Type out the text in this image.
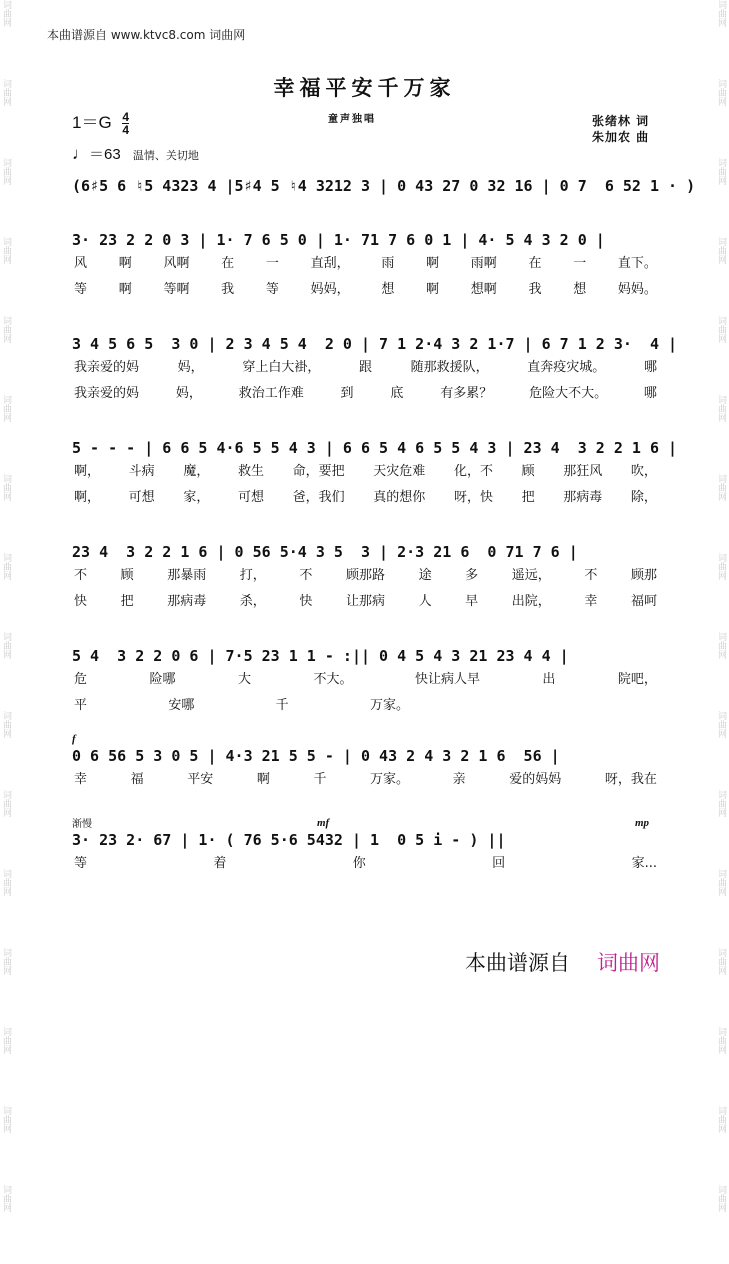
词曲网
词曲网
词曲网
词曲网
词曲网
词曲网
词曲网
词曲网
词曲网
词曲网
词曲网
词曲网
词曲网
词曲网
词曲网
词曲网
词曲网
词曲网
词曲网
词曲网
词曲网
词曲网
词曲网
词曲网
词曲网
词曲网
词曲网
词曲网
词曲网
词曲网
词曲网
词曲网
本曲谱源自 www.ktvc8.com 词曲网
幸福平安千万家
$1=G \frac{4}{4}$	童声独唱	张绪林 词
朱加农 曲
♩＝63 温情、关切地
(6♯5 6 ♮5 4323 4 |5♯4 5 ♮4 3212 3 | 0 43 27 0 32 16 | 0 7  6 52 1 · )
3· 23 2 2 0 3 | 1· 7 6 5 0 | 1· 71 7 6 0 1 | 4· 5 4 3 2 0 |
风 啊 风啊 在 一 直刮， 雨 啊 雨啊 在 一 直下。
等 啊 等啊 我 等 妈妈， 想 啊 想啊 我 想 妈妈。
3 4 5 6 5  3 0 | 2 3 4 5 4  2 0 | 7 1 2·4 3 2 1·7 | 6 7 1 2 3·  4 |
我亲爱的妈	妈，	穿上白大褂，	跟	随那救援队，	直奔疫灾城。	哪
我亲爱的妈	妈，	救治工作难	到	底	有多累？	危险大不大。	哪
5 - - - | 6 6 5 4·6 5 5 4 3 | 6 6 5 4 6 5 5 4 3 | 23 4  3 2 2 1 6 |
啊， 斗病 魔， 救生 命，要把 天灾危难 化，不 顾 那狂风 吹，
啊， 可想 家， 可想 爸，我们 真的想你 呀，快 把 那病毒 除，
23 4  3 2 2 1 6 | 0 56 5·4 3 5  3 | 2·3 21 6  0 71 7 6 |
不	顾	那暴雨	打，	不	顾那路	途	多	遥远，	不	顾那
快	把	那病毒	杀，	快	让那病	人	早	出院，	幸	福呵
5 4  3 2 2 0 6 | 7·5 23 1 1 - :|| 0 4 5 4 3 21 23 4 4 |
危	险哪	大	不大。	快让病人早	出	院吧，
平	安哪	千	万家。

f
0 6 56 5 3 0 5 | 4·3 21 5 5 - | 0 43 2 4 3 2 1 6  56 |
幸	福	平安	啊	千	万家。	亲	爱的妈妈	呀，我在
渐慢	mf	mp
3· 23 2· 67 | 1· ( 76 5·6 5432 | 1  0 5 i - ) ||
等	着	你	回	家...
本曲谱源自 词曲网
